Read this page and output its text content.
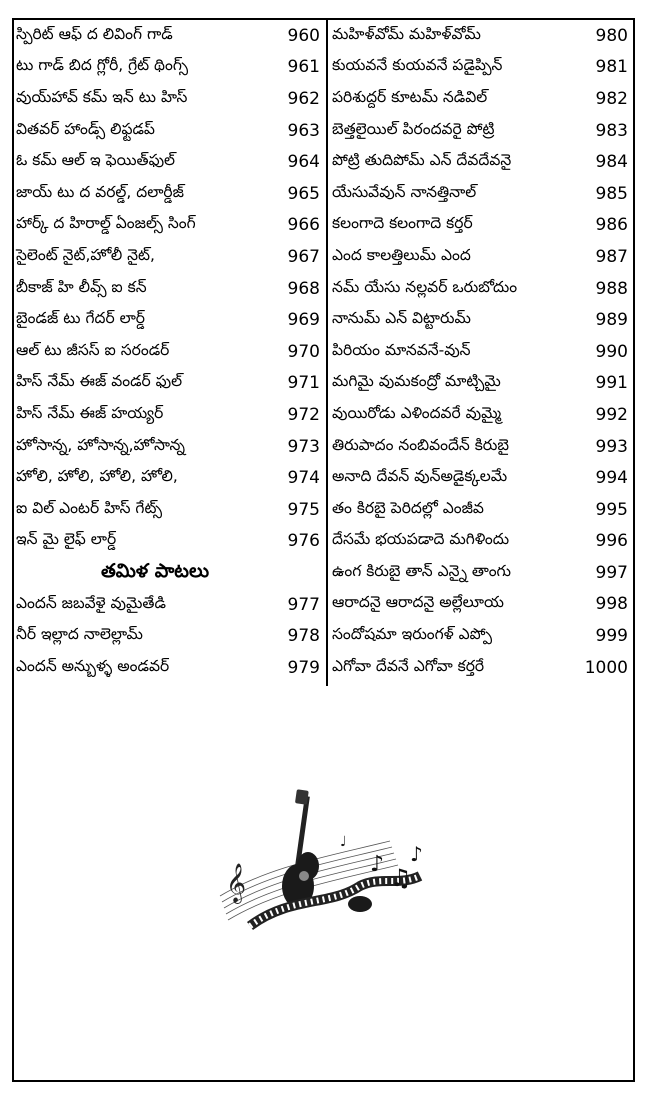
స్పిరిట్ ఆఫ్ ద లివింగ్ గాడ్	960
టు గాడ్ బిద గ్లోరీ, గ్రేట్ థింగ్స్	961
వుయ్‌హావ్ కమ్ ఇన్ టు హిస్	962
వితవర్ హాండ్స్ లిఫ్టడప్	963
ఓ కమ్ ఆల్ ఇ ఫెయిత్‌ఫుల్	964
జాయ్ టు ద వరల్డ్, దలార్డీజ్	965
హార్క్ ద హిరాల్డ్ ఏంజల్స్ సింగ్	966
సైలెంట్ నైట్,హోలీ నైట్,	967
బీకాజ్ హి లీవ్స్ ఐ కన్	968
బైండజ్ టు గేదర్ లార్డ్	969
ఆల్ టు జీసస్ ఐ సరండర్	970
హిస్ నేమ్ ఈజ్ వండర్ ఫుల్	971
హిస్ నేమ్ ఈజ్ హయ్యర్	972
హోసాన్న, హోసాన్న,హోసాన్న	973
హోలి, హోలి, హోలి, హోలి,	974
ఐ విల్ ఎంటర్ హిస్ గేట్స్	975
ఇన్ మై లైఫ్ లార్డ్	976
తమిళ పాటలు
ఎందన్ జబవేళై వుమైతేడి	977
నీర్ ఇల్లాద నాలెల్లామ్	978
ఎందన్ అన్బుళ్ళ అండవర్	979
మహిళ్‌వోమ్ మహిళ్‌వోమ్	980
కుయవనే కుయవనే పడైప్పిన్	981
పరిశుద్దర్ కూటమ్ నడివిల్	982
బెత్తలైయిల్ పిరందవరై పోట్రి	983
పోట్రి తుదిపోమ్ ఎన్ దేవదేవనై	984
యేసువేవున్ నానత్తినాల్	985
కలంగాదె కలంగాదె కర్తర్	986
ఎంద కాలత్తిలుమ్ ఎంద	987
నమ్ యేసు నల్లవర్ ఒరుబోదుం	988
నానుమ్ ఎన్ విట్టారుమ్	989
పిరియం మానవనే-వున్	990
మగిమై వుమకంద్రో మాట్చిమై	991
వుయిరోడు ఎళిందవరే వుమ్మై	992
తిరుపాదం నంబివందేన్ కిరుబై	993
అనాది దేవన్ వున్‌అడైక్కలమే	994
తం కిరబై పెరిదల్లో ఎంజీవ	995
దేసమే భయపడాదె మగిళిందు	996
ఉంగ కిరుబై తాన్ ఎన్నై తాంగు	997
ఆరాదనై ఆరాదనై అల్లేలూయ	998
సందోషమా ఇరుంగళ్ ఎప్పో	999
ఎగోవా దేవనే ఎగోవా కర్తరే	1000
𝄞	♪ ♫
♪
♩
